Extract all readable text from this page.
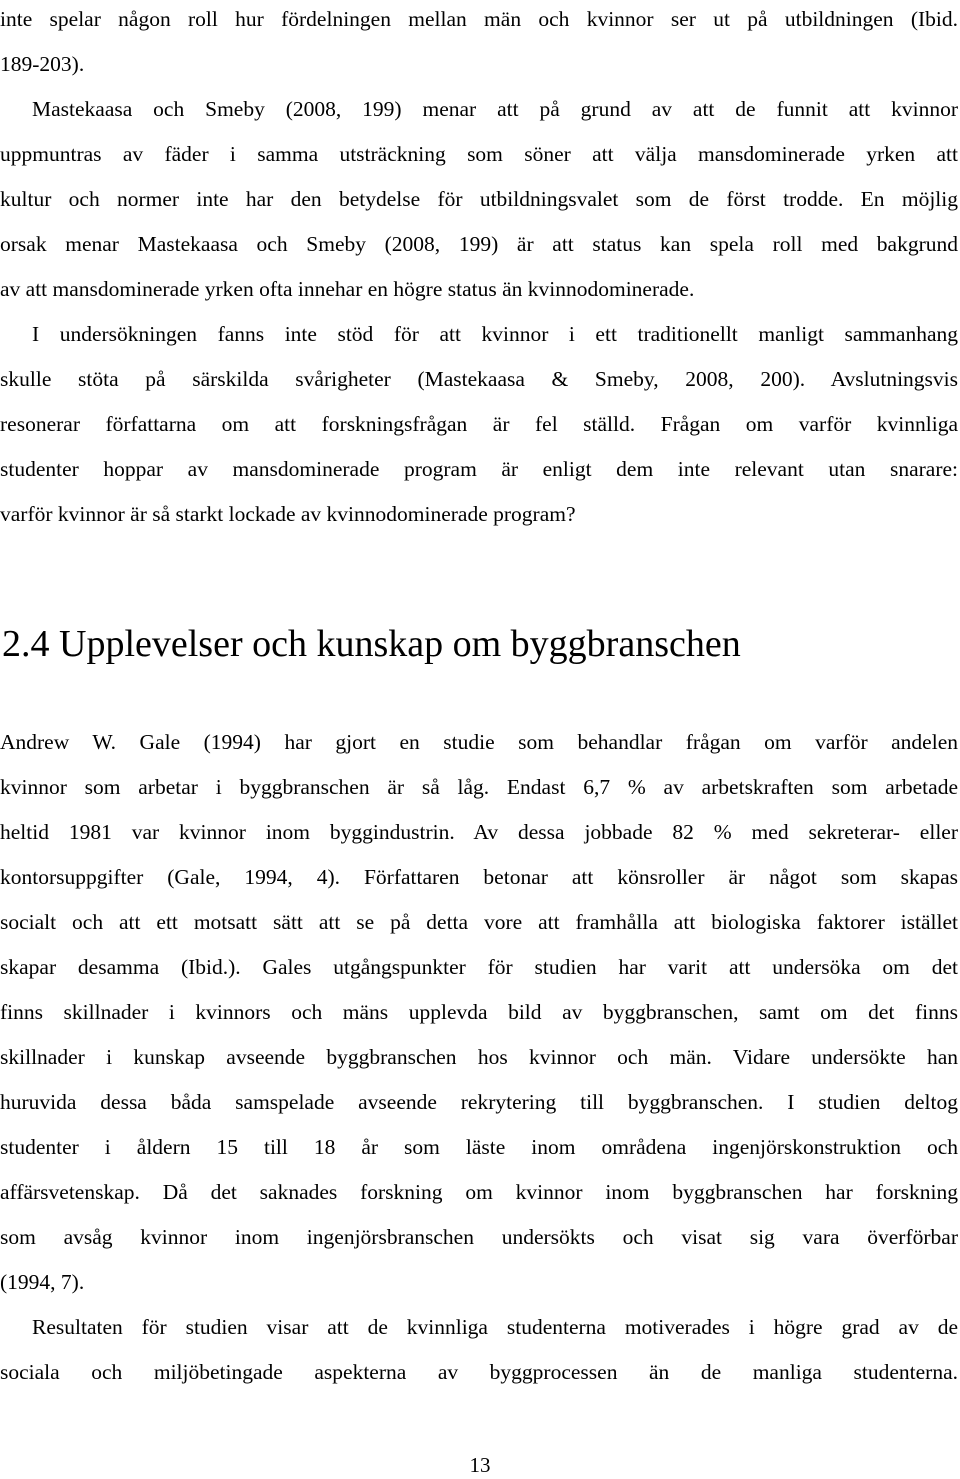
inte spelar någon roll hur fördelningen mellan män och kvinnor ser ut på utbildningen (Ibid.
189-203).
Mastekaasa och Smeby (2008, 199) menar att på grund av att de funnit att kvinnor
uppmuntras av fäder i samma utsträckning som söner att välja mansdominerade yrken att
kultur och normer inte har den betydelse för utbildningsvalet som de först trodde. En möjlig
orsak menar Mastekaasa och Smeby (2008, 199) är att status kan spela roll med bakgrund
av att mansdominerade yrken ofta innehar en högre status än kvinnodominerade.
I undersökningen fanns inte stöd för att kvinnor i ett traditionellt manligt sammanhang
skulle stöta på särskilda svårigheter (Mastekaasa & Smeby, 2008, 200). Avslutningsvis
resonerar författarna om att forskningsfrågan är fel ställd. Frågan om varför kvinnliga
studenter hoppar av mansdominerade program är enligt dem inte relevant utan snarare:
varför kvinnor är så starkt lockade av kvinnodominerade program?
2.4 Upplevelser och kunskap om byggbranschen
Andrew W. Gale (1994) har gjort en studie som behandlar frågan om varför andelen
kvinnor som arbetar i byggbranschen är så låg. Endast 6,7 % av arbetskraften som arbetade
heltid 1981 var kvinnor inom byggindustrin. Av dessa jobbade 82 % med sekreterar- eller
kontorsuppgifter (Gale, 1994, 4). Författaren betonar att könsroller är något som skapas
socialt och att ett motsatt sätt att se på detta vore att framhålla att biologiska faktorer istället
skapar desamma (Ibid.). Gales utgångspunkter för studien har varit att undersöka om det
finns skillnader i kvinnors och mäns upplevda bild av byggbranschen, samt om det finns
skillnader i kunskap avseende byggbranschen hos kvinnor och män. Vidare undersökte han
huruvida dessa båda samspelade avseende rekrytering till byggbranschen. I studien deltog
studenter i åldern 15 till 18 år som läste inom områdena ingenjörskonstruktion och
affärsvetenskap. Då det saknades forskning om kvinnor inom byggbranschen har forskning
som avsåg kvinnor inom ingenjörsbranschen undersökts och visat sig vara överförbar
(1994, 7).
Resultaten för studien visar att de kvinnliga studenterna motiverades i högre grad av de
sociala och miljöbetingade aspekterna av byggprocessen än de manliga studenterna.
13
